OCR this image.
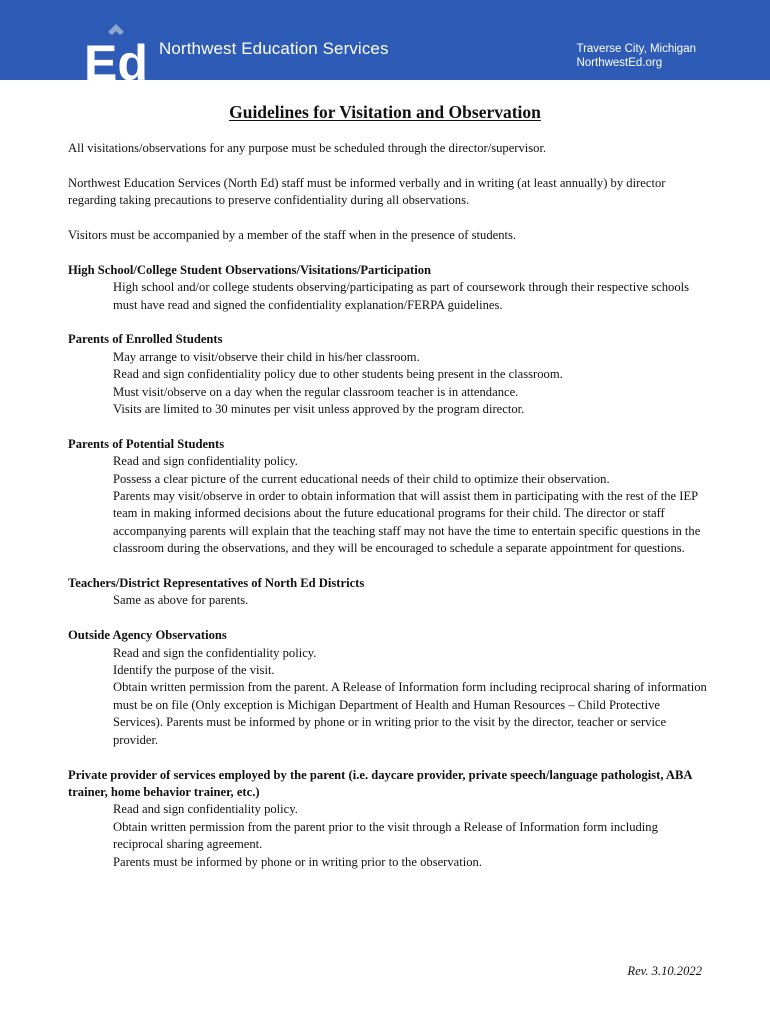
Ed Northwest Education Services	Traverse City, Michigan
NorthwestEd.org
Guidelines for Visitation and Observation

All visitations/observations for any purpose must be scheduled through the director/supervisor.

Northwest Education Services (North Ed) staff must be informed verbally and in writing (at least annually) by director regarding taking precautions to preserve confidentiality during all observations.

Visitors must be accompanied by a member of the staff when in the presence of students.

High School/College Student Observations/Visitations/Participation
High school and/or college students observing/participating as part of coursework through their respective schools must have read and signed the confidentiality explanation/FERPA guidelines.
Parents of Enrolled Students
May arrange to visit/observe their child in his/her classroom.
Read and sign confidentiality policy due to other students being present in the classroom.
Must visit/observe on a day when the regular classroom teacher is in attendance.
Visits are limited to 30 minutes per visit unless approved by the program director.
Parents of Potential Students
Read and sign confidentiality policy.
Possess a clear picture of the current educational needs of their child to optimize their observation.
Parents may visit/observe in order to obtain information that will assist them in participating with the rest of the IEP team in making informed decisions about the future educational programs for their child. The director or staff accompanying parents will explain that the teaching staff may not have the time to entertain specific questions in the classroom during the observations, and they will be encouraged to schedule a separate appointment for questions.
Teachers/District Representatives of North Ed Districts
Same as above for parents.
Outside Agency Observations
Read and sign the confidentiality policy.
Identify the purpose of the visit.
Obtain written permission from the parent. A Release of Information form including reciprocal sharing of information must be on file (Only exception is Michigan Department of Health and Human Resources – Child Protective Services). Parents must be informed by phone or in writing prior to the visit by the director, teacher or service provider.
Private provider of services employed by the parent (i.e. daycare provider, private speech/language pathologist, ABA trainer, home behavior trainer, etc.)
Read and sign confidentiality policy.
Obtain written permission from the parent prior to the visit through a Release of Information form including reciprocal sharing agreement.
Parents must be informed by phone or in writing prior to the observation.
Rev. 3.10.2022
